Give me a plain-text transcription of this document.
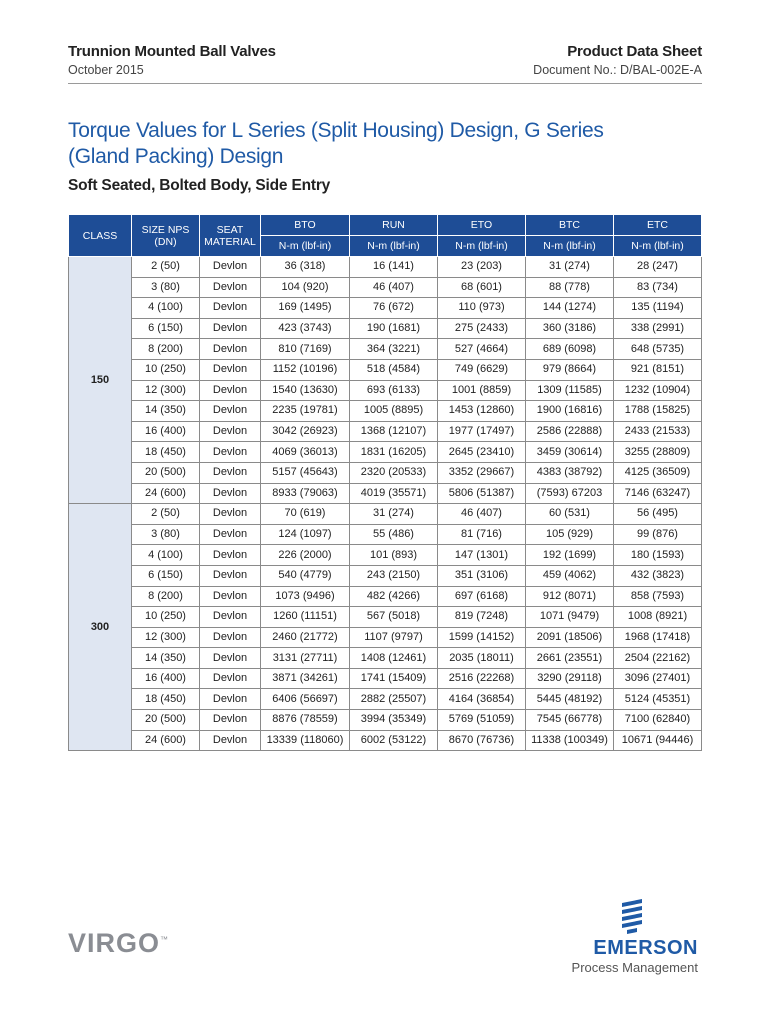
Trunnion Mounted Ball Valves
October 2015
Product Data Sheet
Document No.: D/BAL-002E-A
Torque Values for L Series (Split Housing) Design, G Series (Gland Packing) Design
Soft Seated, Bolted Body, Side Entry
CLASS	SIZE NPS (DN)	SEAT MATERIAL	BTO	RUN	ETO	BTC	ETC
			N-m (lbf-in)	N-m (lbf-in)	N-m (lbf-in)	N-m (lbf-in)	N-m (lbf-in)
150	2 (50)	Devlon	36 (318)	16 (141)	23 (203)	31 (274)	28 (247)
	3 (80)	Devlon	104 (920)	46 (407)	68 (601)	88 (778)	83 (734)
	4 (100)	Devlon	169 (1495)	76 (672)	110 (973)	144 (1274)	135 (1194)
	6 (150)	Devlon	423 (3743)	190 (1681)	275 (2433)	360 (3186)	338 (2991)
	8 (200)	Devlon	810 (7169)	364 (3221)	527 (4664)	689 (6098)	648 (5735)
	10 (250)	Devlon	1152 (10196)	518 (4584)	749 (6629)	979 (8664)	921 (8151)
	12 (300)	Devlon	1540 (13630)	693 (6133)	1001 (8859)	1309 (11585)	1232 (10904)
	14 (350)	Devlon	2235 (19781)	1005 (8895)	1453 (12860)	1900 (16816)	1788 (15825)
	16 (400)	Devlon	3042 (26923)	1368 (12107)	1977 (17497)	2586 (22888)	2433 (21533)
	18 (450)	Devlon	4069 (36013)	1831 (16205)	2645 (23410)	3459 (30614)	3255 (28809)
	20 (500)	Devlon	5157 (45643)	2320 (20533)	3352 (29667)	4383 (38792)	4125 (36509)
	24 (600)	Devlon	8933 (79063)	4019 (35571)	5806 (51387)	(7593) 67203	7146 (63247)
300	2 (50)	Devlon	70 (619)	31 (274)	46 (407)	60 (531)	56 (495)
	3 (80)	Devlon	124 (1097)	55 (486)	81 (716)	105 (929)	99 (876)
	4 (100)	Devlon	226 (2000)	101 (893)	147 (1301)	192 (1699)	180 (1593)
	6 (150)	Devlon	540 (4779)	243 (2150)	351 (3106)	459 (4062)	432 (3823)
	8 (200)	Devlon	1073 (9496)	482 (4266)	697 (6168)	912 (8071)	858 (7593)
	10 (250)	Devlon	1260 (11151)	567 (5018)	819 (7248)	1071 (9479)	1008 (8921)
	12 (300)	Devlon	2460 (21772)	1107 (9797)	1599 (14152)	2091 (18506)	1968 (17418)
	14 (350)	Devlon	3131 (27711)	1408 (12461)	2035 (18011)	2661 (23551)	2504 (22162)
	16 (400)	Devlon	3871 (34261)	1741 (15409)	2516 (22268)	3290 (29118)	3096 (27401)
	18 (450)	Devlon	6406 (56697)	2882 (25507)	4164 (36854)	5445 (48192)	5124 (45351)
	20 (500)	Devlon	8876 (78559)	3994 (35349)	5769 (51059)	7545 (66778)	7100 (62840)
	24 (600)	Devlon	13339 (118060)	6002 (53122)	8670 (76736)	11338 (100349)	10671 (94446)
VIRGO™	EMERSON
Process Management
